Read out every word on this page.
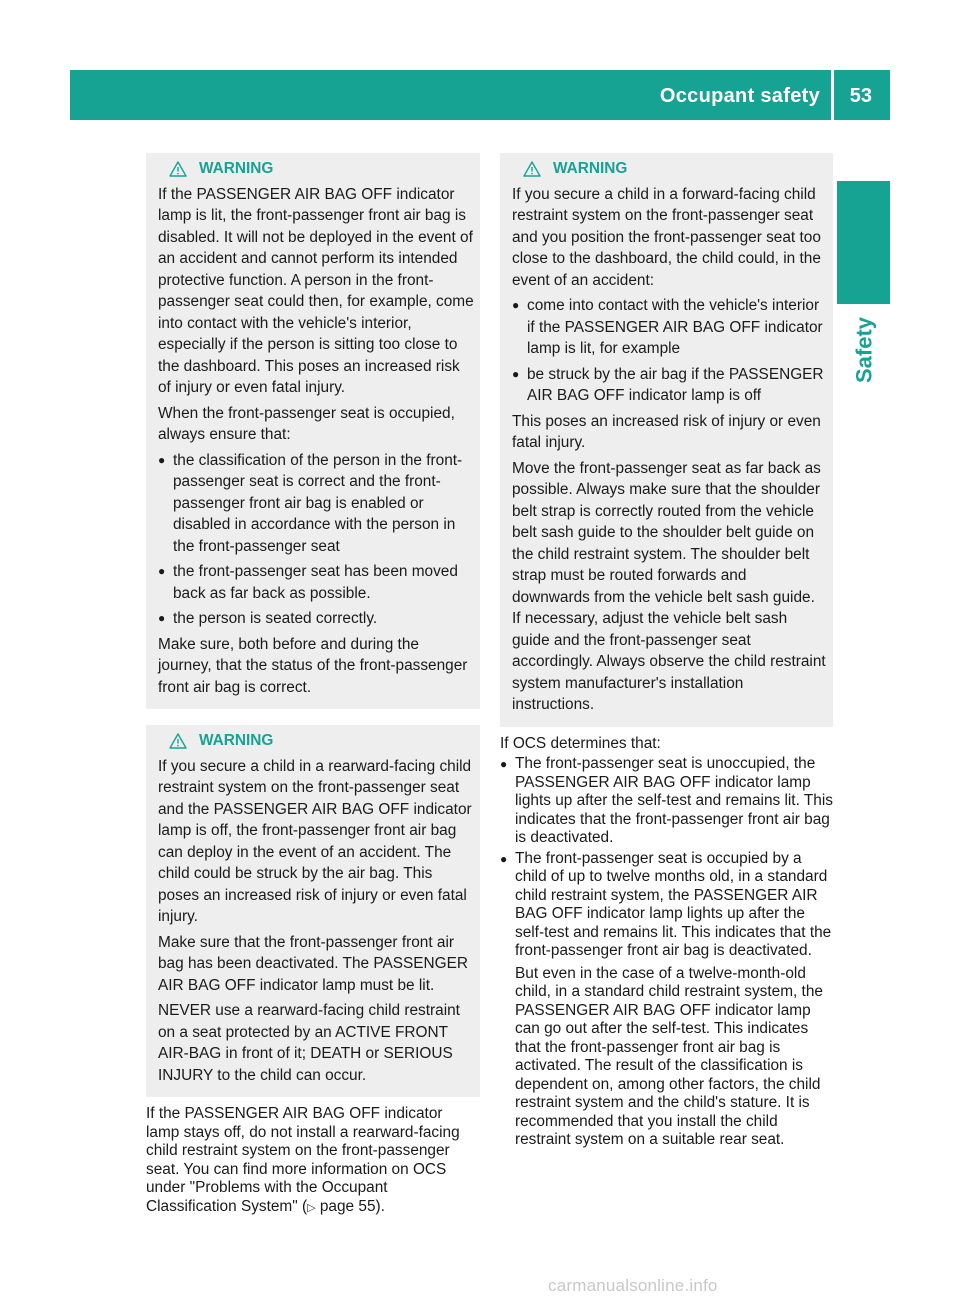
Occupant safety 53
Safety
WARNING

If the PASSENGER AIR BAG OFF indicator lamp is lit, the front-passenger front air bag is disabled. It will not be deployed in the event of an accident and cannot perform its intended protective function. A person in the front-passenger seat could then, for example, come into contact with the vehicle's interior, especially if the person is sitting too close to the dashboard. This poses an increased risk of injury or even fatal injury.

When the front-passenger seat is occupied, always ensure that:

● the classification of the person in the front-passenger seat is correct and the front-passenger front air bag is enabled or disabled in accordance with the person in the front-passenger seat
● the front-passenger seat has been moved back as far back as possible.
● the person is seated correctly.

Make sure, both before and during the journey, that the status of the front-passenger front air bag is correct.

WARNING

If you secure a child in a rearward-facing child restraint system on the front-passenger seat and the PASSENGER AIR BAG OFF indicator lamp is off, the front-passenger front air bag can deploy in the event of an accident. The child could be struck by the air bag. This poses an increased risk of injury or even fatal injury.

Make sure that the front-passenger front air bag has been deactivated. The PASSENGER AIR BAG OFF indicator lamp must be lit.

NEVER use a rearward-facing child restraint on a seat protected by an ACTIVE FRONT AIR-BAG in front of it; DEATH or SERIOUS INJURY to the child can occur.

If the PASSENGER AIR BAG OFF indicator lamp stays off, do not install a rearward-facing child restraint system on the front-passenger seat. You can find more information on OCS under "Problems with the Occupant Classification System" (▷ page 55).

WARNING

If you secure a child in a forward-facing child restraint system on the front-passenger seat and you position the front-passenger seat too close to the dashboard, the child could, in the event of an accident:

● come into contact with the vehicle's interior if the PASSENGER AIR BAG OFF indicator lamp is lit, for example
● be struck by the air bag if the PASSENGER AIR BAG OFF indicator lamp is off

This poses an increased risk of injury or even fatal injury.

Move the front-passenger seat as far back as possible. Always make sure that the shoulder belt strap is correctly routed from the vehicle belt sash guide to the shoulder belt guide on the child restraint system. The shoulder belt strap must be routed forwards and downwards from the vehicle belt sash guide. If necessary, adjust the vehicle belt sash guide and the front-passenger seat accordingly. Always observe the child restraint system manufacturer's installation instructions.

If OCS determines that:

● The front-passenger seat is unoccupied, the PASSENGER AIR BAG OFF indicator lamp lights up after the self-test and remains lit. This indicates that the front-passenger front air bag is deactivated.
● The front-passenger seat is occupied by a child of up to twelve months old, in a standard child restraint system, the PASSENGER AIR BAG OFF indicator lamp lights up after the self-test and remains lit. This indicates that the front-passenger front air bag is deactivated.

But even in the case of a twelve-month-old child, in a standard child restraint system, the PASSENGER AIR BAG OFF indicator lamp can go out after the self-test. This indicates that the front-passenger front air bag is activated. The result of the classification is dependent on, among other factors, the child restraint system and the child's stature. It is recommended that you install the child restraint system on a suitable rear seat.

carmanualsonline.info
